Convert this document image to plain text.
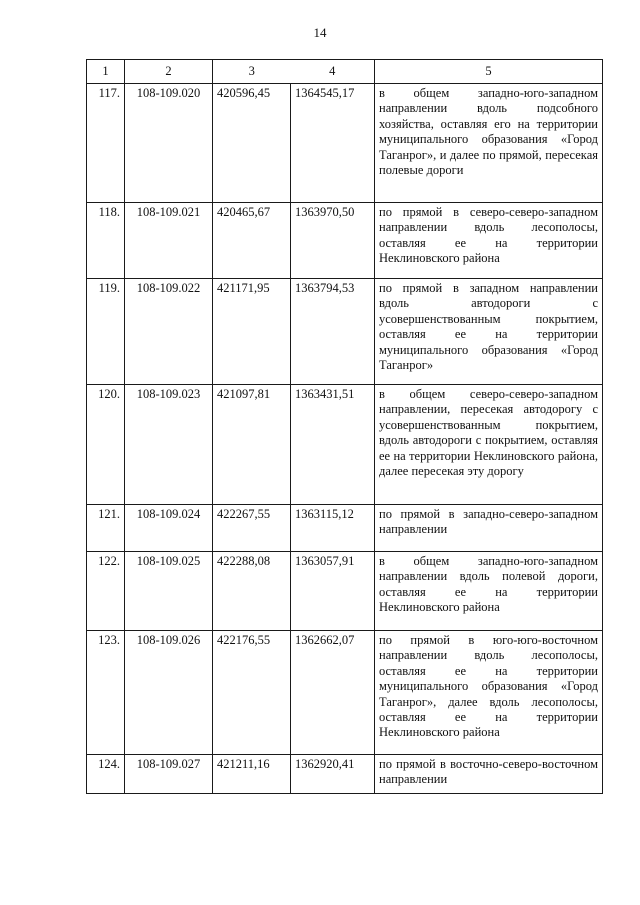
14
1	2	3	4	5
117.	108-109.020	420596,45	1364545,17	в общем западно-юго-западном направлении вдоль подсобного хозяйства, оставляя его на территории муниципального образования «Город Таганрог», и далее по прямой, пересекая полевые дороги
118.	108-109.021	420465,67	1363970,50	по прямой в северо-северо-западном направлении вдоль лесополосы, оставляя ее на территории Неклиновского района
119.	108-109.022	421171,95	1363794,53	по прямой в западном направлении вдоль автодороги с усовершенствованным покрытием, оставляя ее на территории муниципального образования «Город Таганрог»
120.	108-109.023	421097,81	1363431,51	в общем северо-северо-западном направлении, пересекая автодорогу с усовершенствованным покрытием, вдоль автодороги с покрытием, оставляя ее на территории Неклиновского района, далее пересекая эту дорогу
121.	108-109.024	422267,55	1363115,12	по прямой в западно-северо-западном направлении
122.	108-109.025	422288,08	1363057,91	в общем западно-юго-западном направлении вдоль полевой дороги, оставляя ее на территории Неклиновского района
123.	108-109.026	422176,55	1362662,07	по прямой в юго-юго-восточном направлении вдоль лесополосы, оставляя ее на территории муниципального образования «Город Таганрог», далее вдоль лесополосы, оставляя ее на территории Неклиновского района
124.	108-109.027	421211,16	1362920,41	по прямой в восточно-северо-восточном направлении
